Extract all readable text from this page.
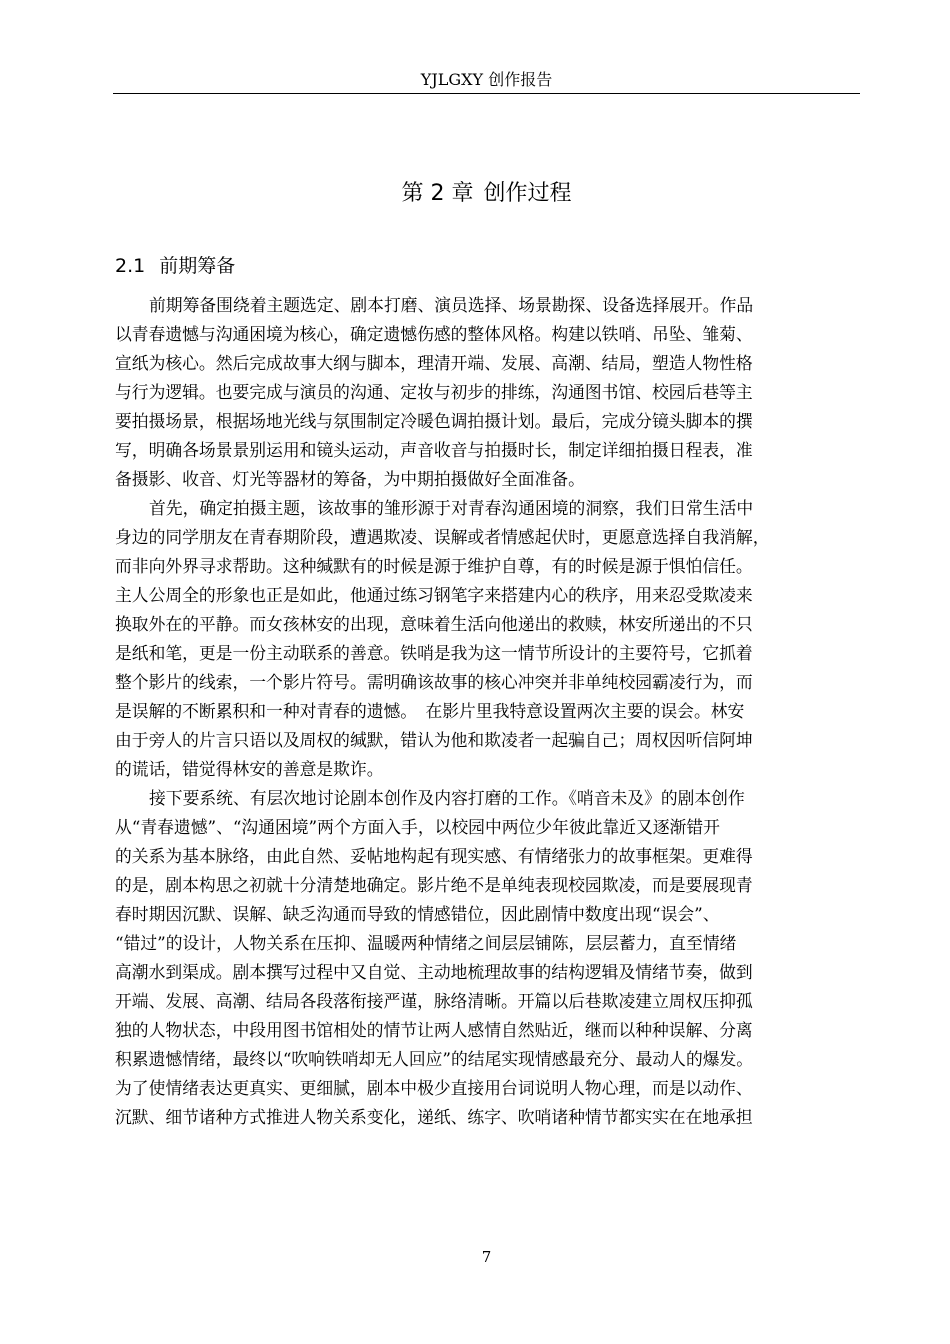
YJLGXY 创作报告
第 2 章 创作过程
2.1 前期筹备
前期筹备围绕着主题选定、剧本打磨、演员选择、场景勘探、设备选择展开。作品
以青春遗憾与沟通困境为核心，确定遗憾伤感的整体风格。构建以铁哨、吊坠、雏菊、
宣纸为核心。然后完成故事大纲与脚本，理清开端、发展、高潮、结局，塑造人物性格
与行为逻辑。也要完成与演员的沟通、定妆与初步的排练，沟通图书馆、校园后巷等主
要拍摄场景，根据场地光线与氛围制定冷暖色调拍摄计划。最后，完成分镜头脚本的撰
写，明确各场景景别运用和镜头运动，声音收音与拍摄时长，制定详细拍摄日程表，准
备摄影、收音、灯光等器材的筹备，为中期拍摄做好全面准备。
首先，确定拍摄主题，该故事的雏形源于对青春沟通困境的洞察，我们日常生活中
身边的同学朋友在青春期阶段，遭遇欺凌、误解或者情感起伏时，更愿意选择自我消解，
而非向外界寻求帮助。这种缄默有的时候是源于维护自尊，有的时候是源于惧怕信任。
主人公周全的形象也正是如此，他通过练习钢笔字来搭建内心的秩序，用来忍受欺凌来
换取外在的平静。而女孩林安的出现，意味着生活向他递出的救赎，林安所递出的不只
是纸和笔，更是一份主动联系的善意。铁哨是我为这一情节所设计的主要符号，它抓着
整个影片的线索，一个影片符号。需明确该故事的核心冲突并非单纯校园霸凌行为，而
是误解的不断累积和一种对青春的遗憾。　在影片里我特意设置两次主要的误会。林安
由于旁人的片言只语以及周权的缄默，错认为他和欺凌者一起骗自己；周权因听信阿坤
的谎话，错觉得林安的善意是欺诈。
接下要系统、有层次地讨论剧本创作及内容打磨的工作。《哨音未及》的剧本创作
从“青春遗憾”、“沟通困境”两个方面入手，以校园中两位少年彼此靠近又逐渐错开
的关系为基本脉络，由此自然、妥帖地构起有现实感、有情绪张力的故事框架。更难得
的是，剧本构思之初就十分清楚地确定。影片绝不是单纯表现校园欺凌，而是要展现青
春时期因沉默、误解、缺乏沟通而导致的情感错位，因此剧情中数度出现“误会”、
“错过”的设计，人物关系在压抑、温暖两种情绪之间层层铺陈，层层蓄力，直至情绪
高潮水到渠成。剧本撰写过程中又自觉、主动地梳理故事的结构逻辑及情绪节奏，做到
开端、发展、高潮、结局各段落衔接严谨，脉络清晰。开篇以后巷欺凌建立周权压抑孤
独的人物状态，中段用图书馆相处的情节让两人感情自然贴近，继而以种种误解、分离
积累遗憾情绪，最终以“吹响铁哨却无人回应”的结尾实现情感最充分、最动人的爆发。
为了使情绪表达更真实、更细腻，剧本中极少直接用台词说明人物心理，而是以动作、
沉默、细节诸种方式推进人物关系变化，递纸、练字、吹哨诸种情节都实实在在地承担
7
